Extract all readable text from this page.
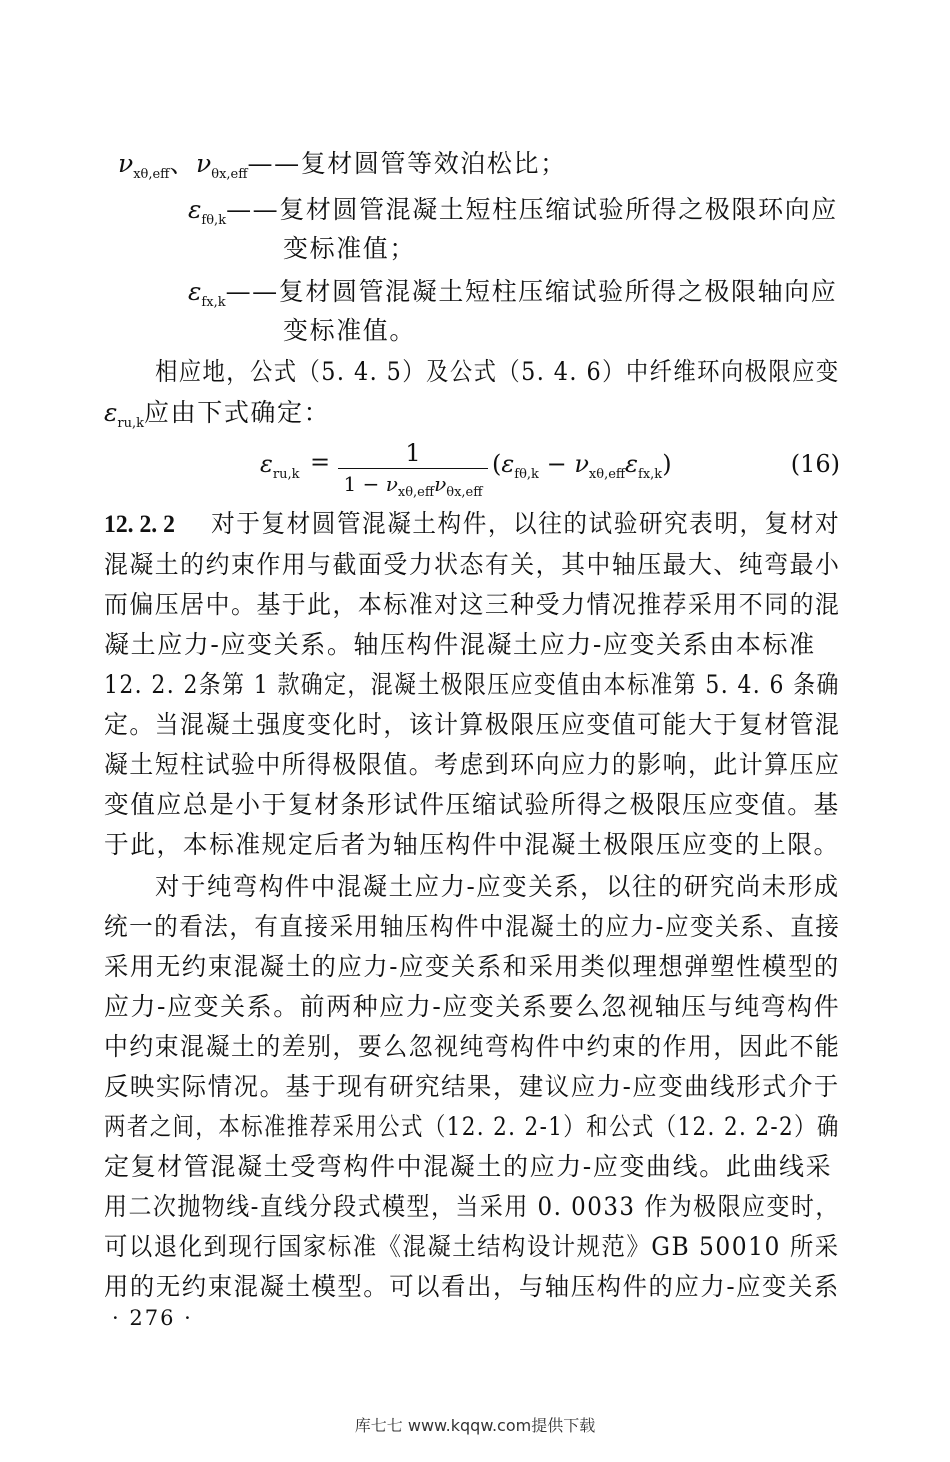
$\nu_{x\theta,eff}$、$\nu_{\theta x,eff}——$复材圆管等效泊松比；
$\varepsilon_{f\theta,k}——$复材圆管混凝土短柱压缩试验所得之极限环向应
变标准值；
$\varepsilon_{fx,k}——$复材圆管混凝土短柱压缩试验所得之极限轴向应
变标准值。
相应地，公式（5. 4. 5）及公式（5. 4. 6）中纤维环向极限应变
$\varepsilon_{ru,k}$应由下式确定：
$\varepsilon_{ru,k}$ =	1
$1 - \nu_{x\theta,eff}\nu_{\theta x,eff}$
$(\varepsilon_{f\theta,k} - \nu_{x\theta,eff}\varepsilon_{fx,k})$	(16)
12. 2. 2 对于复材圆管混凝土构件，以往的试验研究表明，复材对
混凝土的约束作用与截面受力状态有关，其中轴压最大、纯弯最小
而偏压居中。基于此，本标准对这三种受力情况推荐采用不同的混
凝土应力-应变关系。轴压构件混凝土应力-应变关系由本标准
12. 2. 2条第 1 款确定，混凝土极限压应变值由本标准第 5. 4. 6 条确
定。当混凝土强度变化时，该计算极限压应变值可能大于复材管混
凝土短柱试验中所得极限值。考虑到环向应力的影响，此计算压应
变值应总是小于复材条形试件压缩试验所得之极限压应变值。基
于此，本标准规定后者为轴压构件中混凝土极限压应变的上限。
对于纯弯构件中混凝土应力-应变关系，以往的研究尚未形成
统一的看法，有直接采用轴压构件中混凝土的应力-应变关系、直接
采用无约束混凝土的应力-应变关系和采用类似理想弹塑性模型的
应力-应变关系。前两种应力-应变关系要么忽视轴压与纯弯构件
中约束混凝土的差别，要么忽视纯弯构件中约束的作用，因此不能
反映实际情况。基于现有研究结果，建议应力-应变曲线形式介于
两者之间，本标准推荐采用公式（12. 2. 2-1）和公式（12. 2. 2-2）确
定复材管混凝土受弯构件中混凝土的应力-应变曲线。此曲线采
用二次抛物线-直线分段式模型，当采用 0. 0033 作为极限应变时，
可以退化到现行国家标准《混凝土结构设计规范》GB 50010 所采
用的无约束混凝土模型。可以看出，与轴压构件的应力-应变关系
· 276 ·
库七七 www.kqqw.com提供下载
